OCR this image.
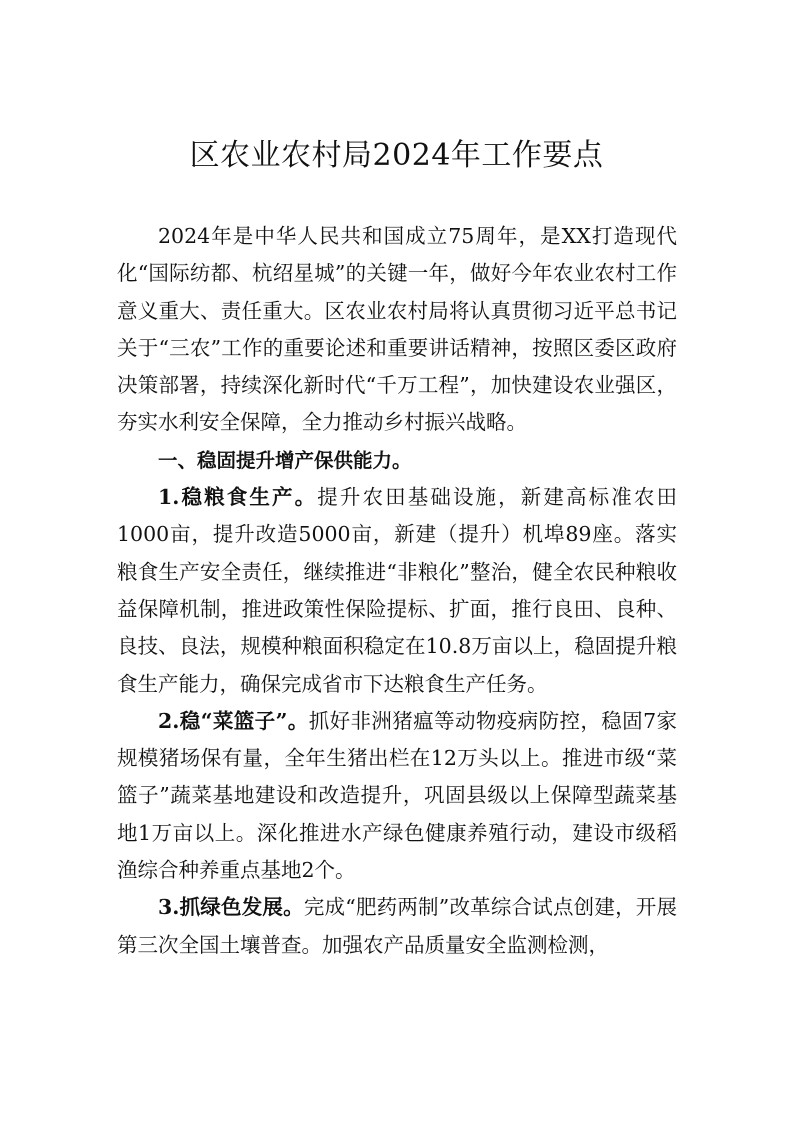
区农业农村局2024年工作要点

2024年是中华人民共和国成立75周年，是XX打造现代化“国际纺都、杭绍星城”的关键一年，做好今年农业农村工作意义重大、责任重大。区农业农村局将认真贯彻习近平总书记关于“三农”工作的重要论述和重要讲话精神，按照区委区政府决策部署，持续深化新时代“千万工程”，加快建设农业强区，夯实水利安全保障，全力推动乡村振兴战略。

一、稳固提升增产保供能力。

1.稳粮食生产。提升农田基础设施，新建高标准农田1000亩，提升改造5000亩，新建（提升）机埠89座。落实粮食生产安全责任，继续推进“非粮化”整治，健全农民种粮收益保障机制，推进政策性保险提标、扩面，推行良田、良种、良技、良法，规模种粮面积稳定在10.8万亩以上，稳固提升粮食生产能力，确保完成省市下达粮食生产任务。

2.稳“菜篮子”。抓好非洲猪瘟等动物疫病防控，稳固7家规模猪场保有量，全年生猪出栏在12万头以上。推进市级“菜篮子”蔬菜基地建设和改造提升，巩固县级以上保障型蔬菜基地1万亩以上。深化推进水产绿色健康养殖行动，建设市级稻渔综合种养重点基地2个。

3.抓绿色发展。完成“肥药两制”改革综合试点创建，开展第三次全国土壤普查。加强农产品质量安全监测检测，
